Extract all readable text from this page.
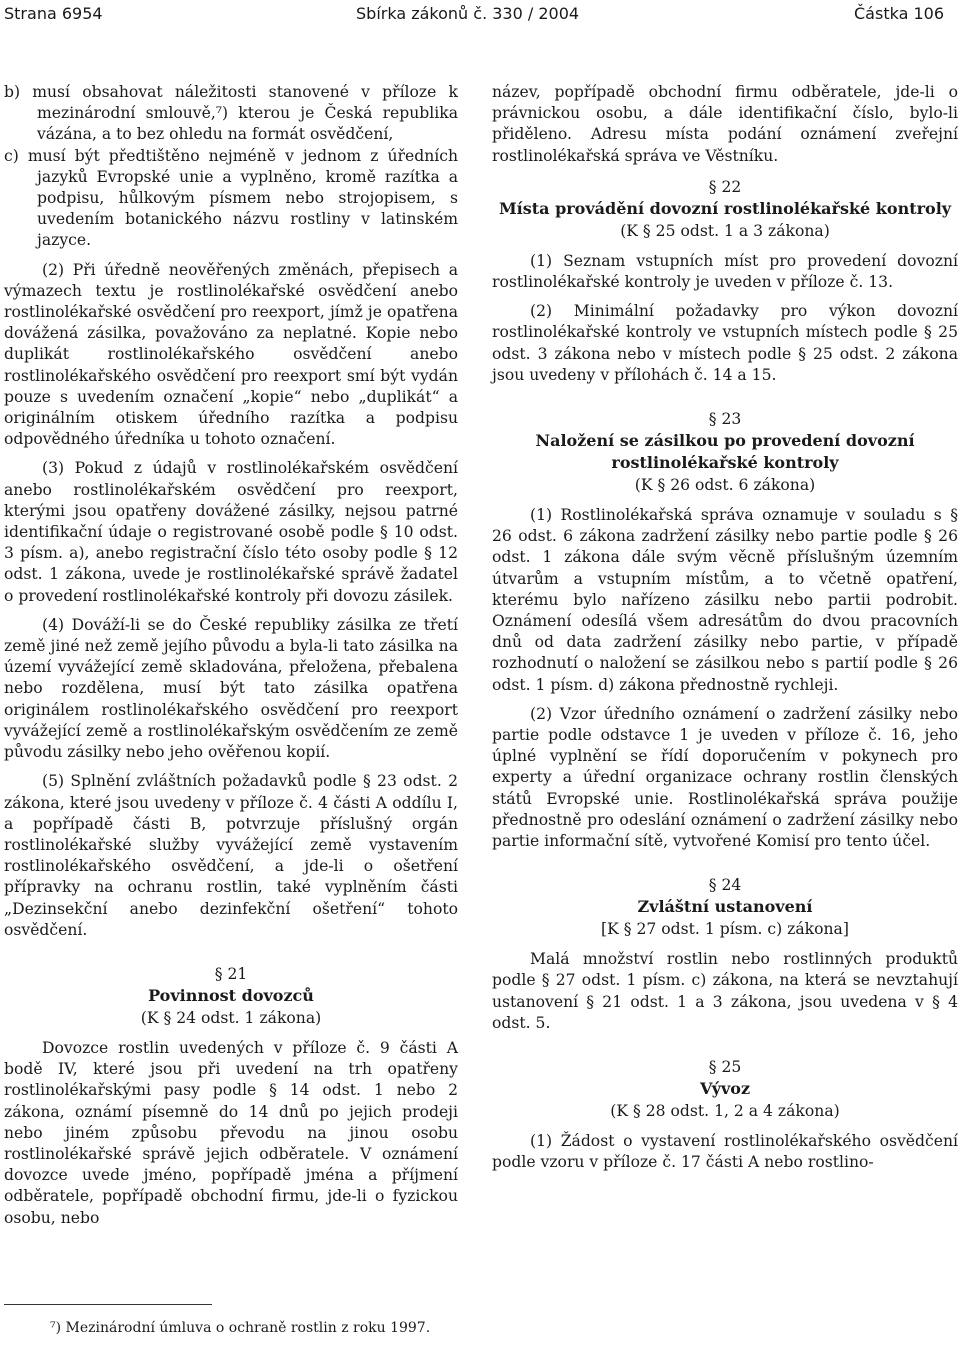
Strana 6954	Sbírka zákonů č. 330 / 2004	Částka 106

b) musí obsahovat náležitosti stanovené v příloze k mezinárodní smlouvě,⁷) kterou je Česká republika vázána, a to bez ohledu na formát osvědčení,

c) musí být předtištěno nejméně v jednom z úředních jazyků Evropské unie a vyplněno, kromě razítka a podpisu, hůlkovým písmem nebo strojopisem, s uvedením botanického názvu rostliny v latinském jazyce.

(2) Při úředně neověřených změnách, přepisech a výmazech textu je rostlinolékařské osvědčení anebo rostlinolékařské osvědčení pro reexport, jímž je opatřena dovážená zásilka, považováno za neplatné. Kopie nebo duplikát rostlinolékařského osvědčení anebo rostlinolékařského osvědčení pro reexport smí být vydán pouze s uvedením označení „kopie“ nebo „duplikát“ a originálním otiskem úředního razítka a podpisu odpovědného úředníka u tohoto označení.

(3) Pokud z údajů v rostlinolékařském osvědčení anebo rostlinolékařském osvědčení pro reexport, kterými jsou opatřeny dovážené zásilky, nejsou patrné identifikační údaje o registrované osobě podle § 10 odst. 3 písm. a), anebo registrační číslo této osoby podle § 12 odst. 1 zákona, uvede je rostlinolékařské správě žadatel o provedení rostlinolékařské kontroly při dovozu zásilek.

(4) Dováží-li se do České republiky zásilka ze třetí země jiné než země jejího původu a byla-li tato zásilka na území vyvážející země skladována, přeložena, přebalena nebo rozdělena, musí být tato zásilka opatřena originálem rostlinolékařského osvědčení pro reexport vyvážející země a rostlinolékařským osvědčením ze země původu zásilky nebo jeho ověřenou kopií.

(5) Splnění zvláštních požadavků podle § 23 odst. 2 zákona, které jsou uvedeny v příloze č. 4 části A oddílu I, a popřípadě části B, potvrzuje příslušný orgán rostlinolékařské služby vyvážející země vystavením rostlinolékařského osvědčení, a jde-li o ošetření přípravky na ochranu rostlin, také vyplněním části „Dezinsekční anebo dezinfekční ošetření“ tohoto osvědčení.

§ 21
Povinnost dovozců
(K § 24 odst. 1 zákona)

Dovozce rostlin uvedených v příloze č. 9 části A bodě IV, které jsou při uvedení na trh opatřeny rostlinolékařskými pasy podle § 14 odst. 1 nebo 2 zákona, oznámí písemně do 14 dnů po jejich prodeji nebo jiném způsobu převodu na jinou osobu rostlinolékařské správě jejich odběratele. V oznámení dovozce uvede jméno, popřípadě jména a příjmení odběratele, popřípadě obchodní firmu, jde-li o fyzickou osobu, nebo

název, popřípadě obchodní firmu odběratele, jde-li o právnickou osobu, a dále identifikační číslo, bylo-li přiděleno. Adresu místa podání oznámení zveřejní rostlinolékařská správa ve Věstníku.

§ 22
Místa provádění dovozní rostlinolékařské kontroly
(K § 25 odst. 1 a 3 zákona)

(1) Seznam vstupních míst pro provedení dovozní rostlinolékařské kontroly je uveden v příloze č. 13.

(2) Minimální požadavky pro výkon dovozní rostlinolékařské kontroly ve vstupních místech podle § 25 odst. 3 zákona nebo v místech podle § 25 odst. 2 zákona jsou uvedeny v přílohách č. 14 a 15.

§ 23
Naložení se zásilkou po provedení dovozní rostlinolékařské kontroly
(K § 26 odst. 6 zákona)

(1) Rostlinolékařská správa oznamuje v souladu s § 26 odst. 6 zákona zadržení zásilky nebo partie podle § 26 odst. 1 zákona dále svým věcně příslušným územním útvarům a vstupním místům, a to včetně opatření, kterému bylo nařízeno zásilku nebo partii podrobit. Oznámení odesílá všem adresátům do dvou pracovních dnů od data zadržení zásilky nebo partie, v případě rozhodnutí o naložení se zásilkou nebo s partií podle § 26 odst. 1 písm. d) zákona přednostně rychleji.

(2) Vzor úředního oznámení o zadržení zásilky nebo partie podle odstavce 1 je uveden v příloze č. 16, jeho úplné vyplnění se řídí doporučením v pokynech pro experty a úřední organizace ochrany rostlin členských států Evropské unie. Rostlinolékařská správa použije přednostně pro odeslání oznámení o zadržení zásilky nebo partie informační sítě, vytvořené Komisí pro tento účel.

§ 24
Zvláštní ustanovení
[K § 27 odst. 1 písm. c) zákona]

Malá množství rostlin nebo rostlinných produktů podle § 27 odst. 1 písm. c) zákona, na která se nevztahují ustanovení § 21 odst. 1 a 3 zákona, jsou uvedena v § 4 odst. 5.

§ 25
Vývoz
(K § 28 odst. 1, 2 a 4 zákona)

(1) Žádost o vystavení rostlinolékařského osvědčení podle vzoru v příloze č. 17 části A nebo rostlino-

⁷) Mezinárodní úmluva o ochraně rostlin z roku 1997.
